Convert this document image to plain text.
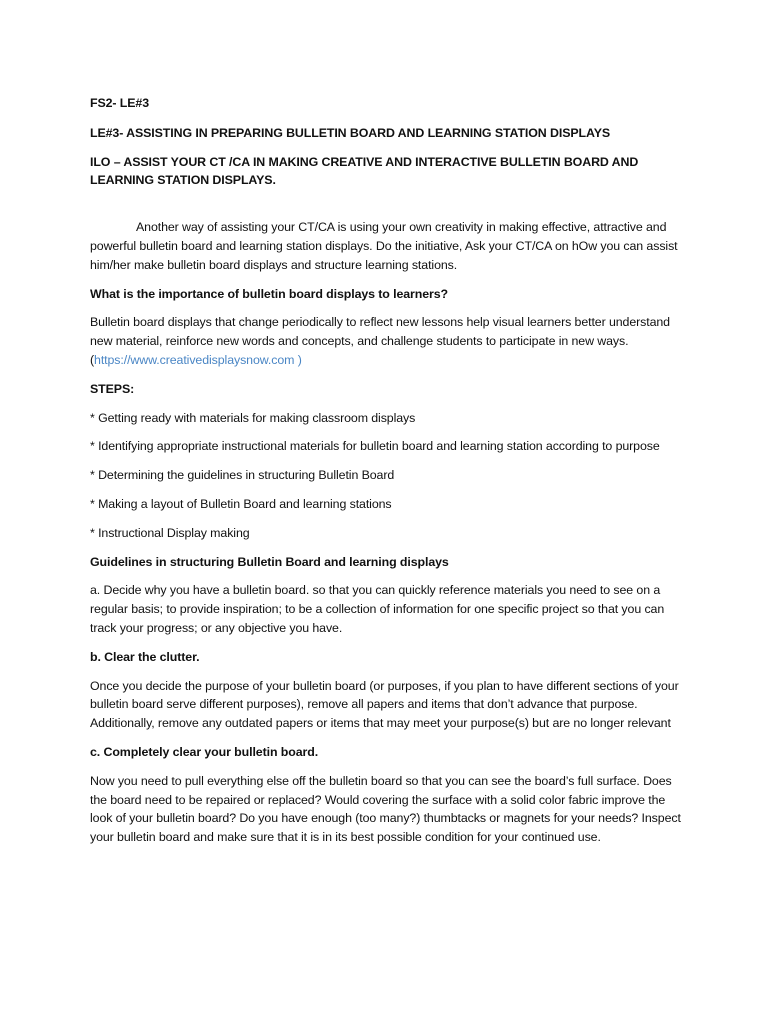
FS2- LE#3

LE#3- ASSISTING IN PREPARING BULLETIN BOARD AND LEARNING STATION DISPLAYS

ILO – ASSIST YOUR CT /CA IN MAKING CREATIVE AND INTERACTIVE BULLETIN BOARD AND LEARNING STATION DISPLAYS.

Another way of assisting your CT/CA is using your own creativity in making effective, attractive and powerful bulletin board and learning station displays. Do the initiative, Ask your CT/CA on hOw you can assist him/her make bulletin board displays and structure learning stations.

What is the importance of bulletin board displays to learners?

Bulletin board displays that change periodically to reflect new lessons help visual learners better understand new material, reinforce new words and concepts, and challenge students to participate in new ways. (https://www.creativedisplaysnow.com )

STEPS:

* Getting ready with materials for making classroom displays

* Identifying appropriate instructional materials for bulletin board and learning station according to purpose

* Determining the guidelines in structuring Bulletin Board

* Making a layout of Bulletin Board and learning stations

* Instructional Display making

Guidelines in structuring Bulletin Board and learning displays

a. Decide why you have a bulletin board. so that you can quickly reference materials you need to see on a regular basis; to provide inspiration; to be a collection of information for one specific project so that you can track your progress; or any objective you have.

b. Clear the clutter.

Once you decide the purpose of your bulletin board (or purposes, if you plan to have different sections of your bulletin board serve different purposes), remove all papers and items that don’t advance that purpose. Additionally, remove any outdated papers or items that may meet your purpose(s) but are no longer relevant

c. Completely clear your bulletin board.

Now you need to pull everything else off the bulletin board so that you can see the board’s full surface. Does the board need to be repaired or replaced? Would covering the surface with a solid color fabric improve the look of your bulletin board? Do you have enough (too many?) thumbtacks or magnets for your needs? Inspect your bulletin board and make sure that it is in its best possible condition for your continued use.
